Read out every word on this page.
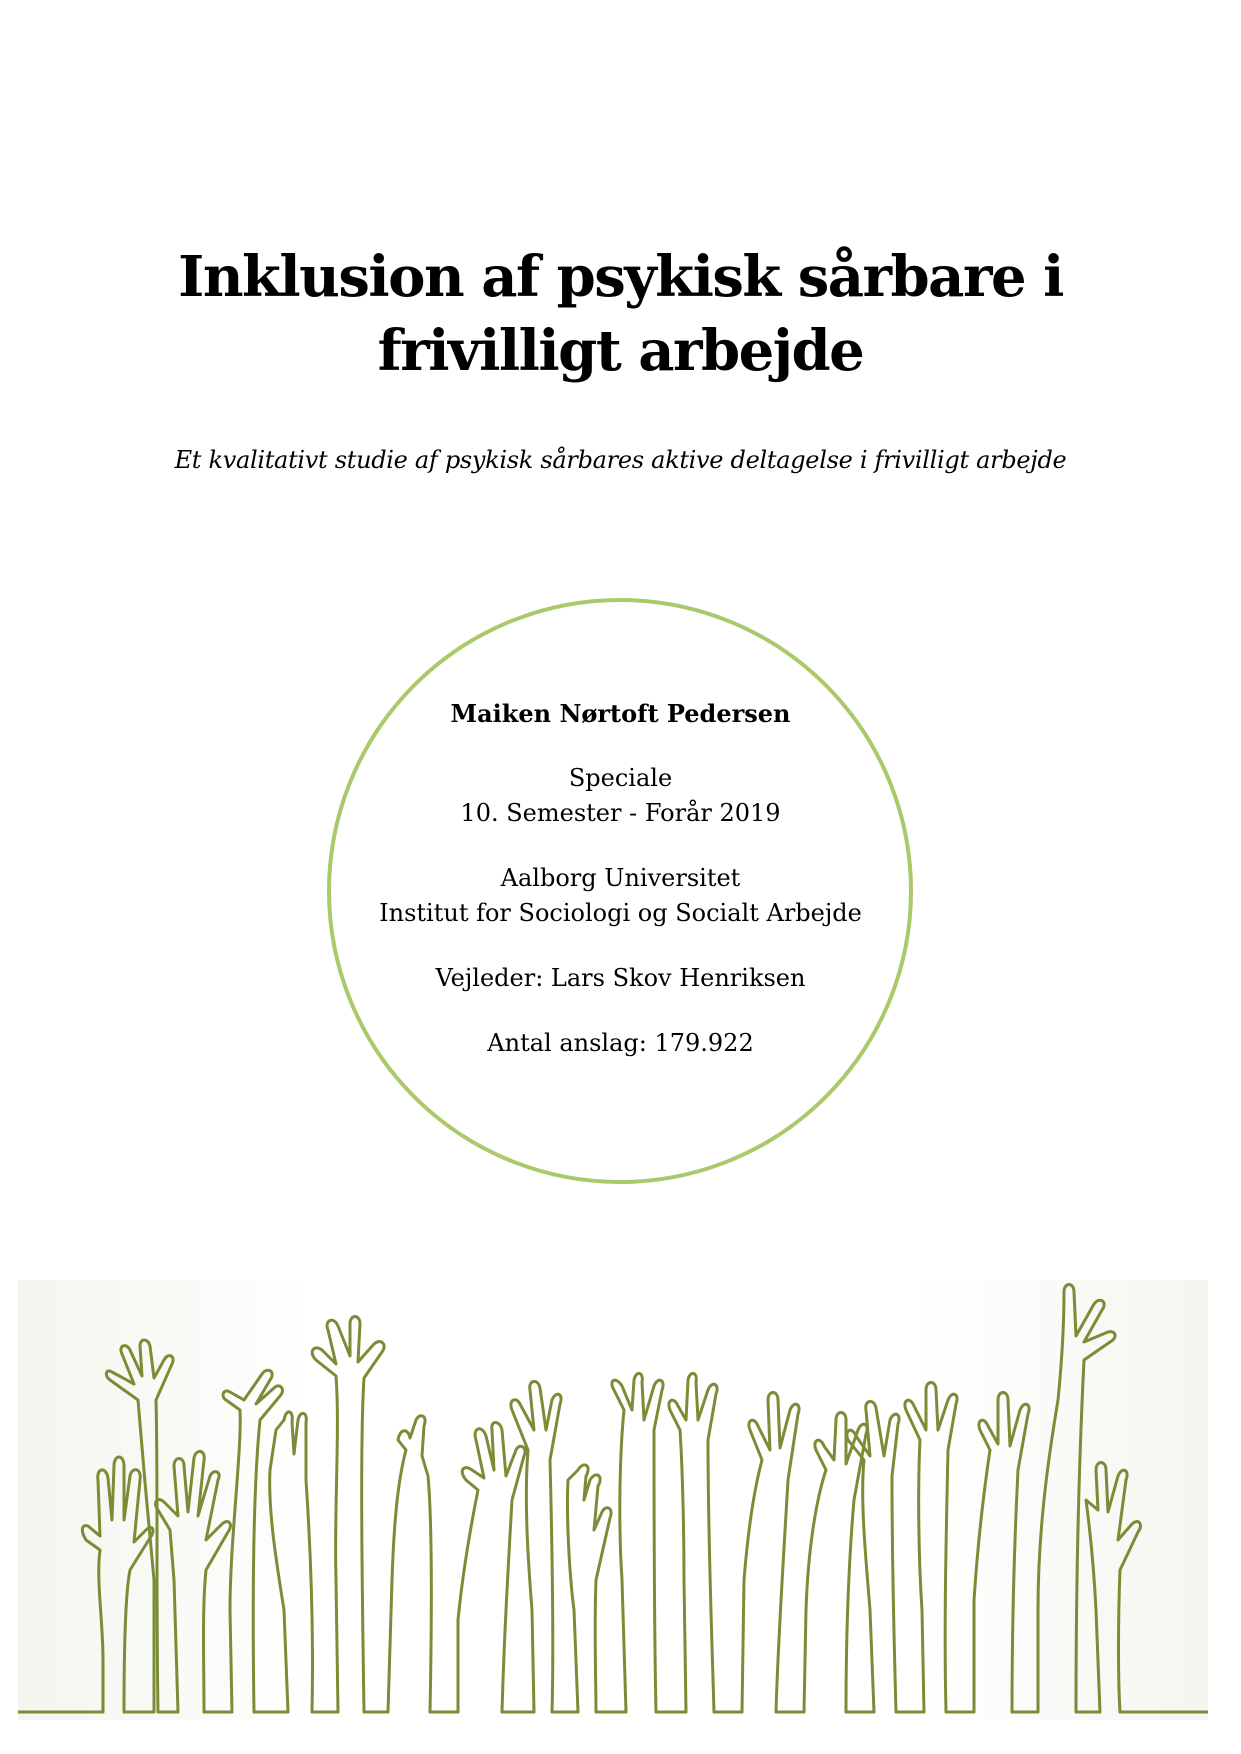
Inklusion af psykisk sårbare i
frivilligt arbejde

Et kvalitativt studie af psykisk sårbares aktive deltagelse i frivilligt arbejde

Maiken Nørtoft Pedersen
Speciale
10. Semester - Forår 2019
Aalborg Universitet
Institut for Sociologi og Socialt Arbejde
Vejleder: Lars Skov Henriksen
Antal anslag: 179.922
